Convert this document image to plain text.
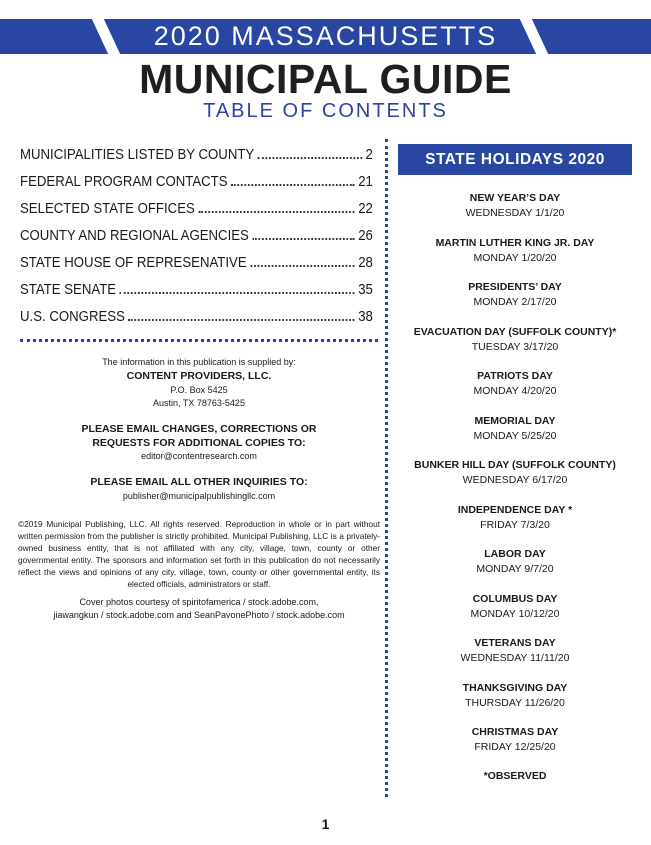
2020 MASSACHUSETTS
MUNICIPAL GUIDE
TABLE OF CONTENTS
MUNICIPALITIES LISTED BY COUNTY	2
FEDERAL PROGRAM CONTACTS	21
SELECTED STATE OFFICES	22
COUNTY AND REGIONAL AGENCIES	26
STATE HOUSE OF REPRESENATIVE	28
STATE SENATE	35
U.S. CONGRESS	38
The information in this publication is supplied by:
CONTENT PROVIDERS, LLC.
P.O. Box 5425
Austin, TX 78763-5425
PLEASE EMAIL CHANGES, CORRECTIONS OR
REQUESTS FOR ADDITIONAL COPIES TO:
editor@contentresearch.com
PLEASE EMAIL ALL OTHER INQUIRIES TO:
publisher@municipalpublishingllc.com
©2019 Municipal Publishing, LLC. All rights reserved. Reproduction in whole or in part without written permission from the publisher is strictly prohibited. Municipal Publishing, LLC is a privately-owned business entity, that is not affiliated with any city, village, town, county or other governmental entity. The sponsors and information set forth in this publication do not necessarily reflect the views and opinions of any city, village, town, county or other governmental entity, its elected officials, administrators or staff.
Cover photos courtesy of spiritofamerica / stock.adobe.com,
jiawangkun / stock.adobe.com and SeanPavonePhoto / stock.adobe.com
STATE HOLIDAYS 2020
NEW YEAR’S DAY
WEDNESDAY 1/1/20
MARTIN LUTHER KING JR. DAY
MONDAY 1/20/20
PRESIDENTS’ DAY
MONDAY 2/17/20
EVACUATION DAY (SUFFOLK COUNTY)*
TUESDAY 3/17/20
PATRIOTS DAY
MONDAY 4/20/20
MEMORIAL DAY
MONDAY 5/25/20
BUNKER HILL DAY (SUFFOLK COUNTY)
WEDNESDAY 6/17/20
INDEPENDENCE DAY *
FRIDAY 7/3/20
LABOR DAY
MONDAY 9/7/20
COLUMBUS DAY
MONDAY 10/12/20
VETERANS DAY
WEDNESDAY 11/11/20
THANKSGIVING DAY
THURSDAY 11/26/20
CHRISTMAS DAY
FRIDAY 12/25/20
*OBSERVED
1
